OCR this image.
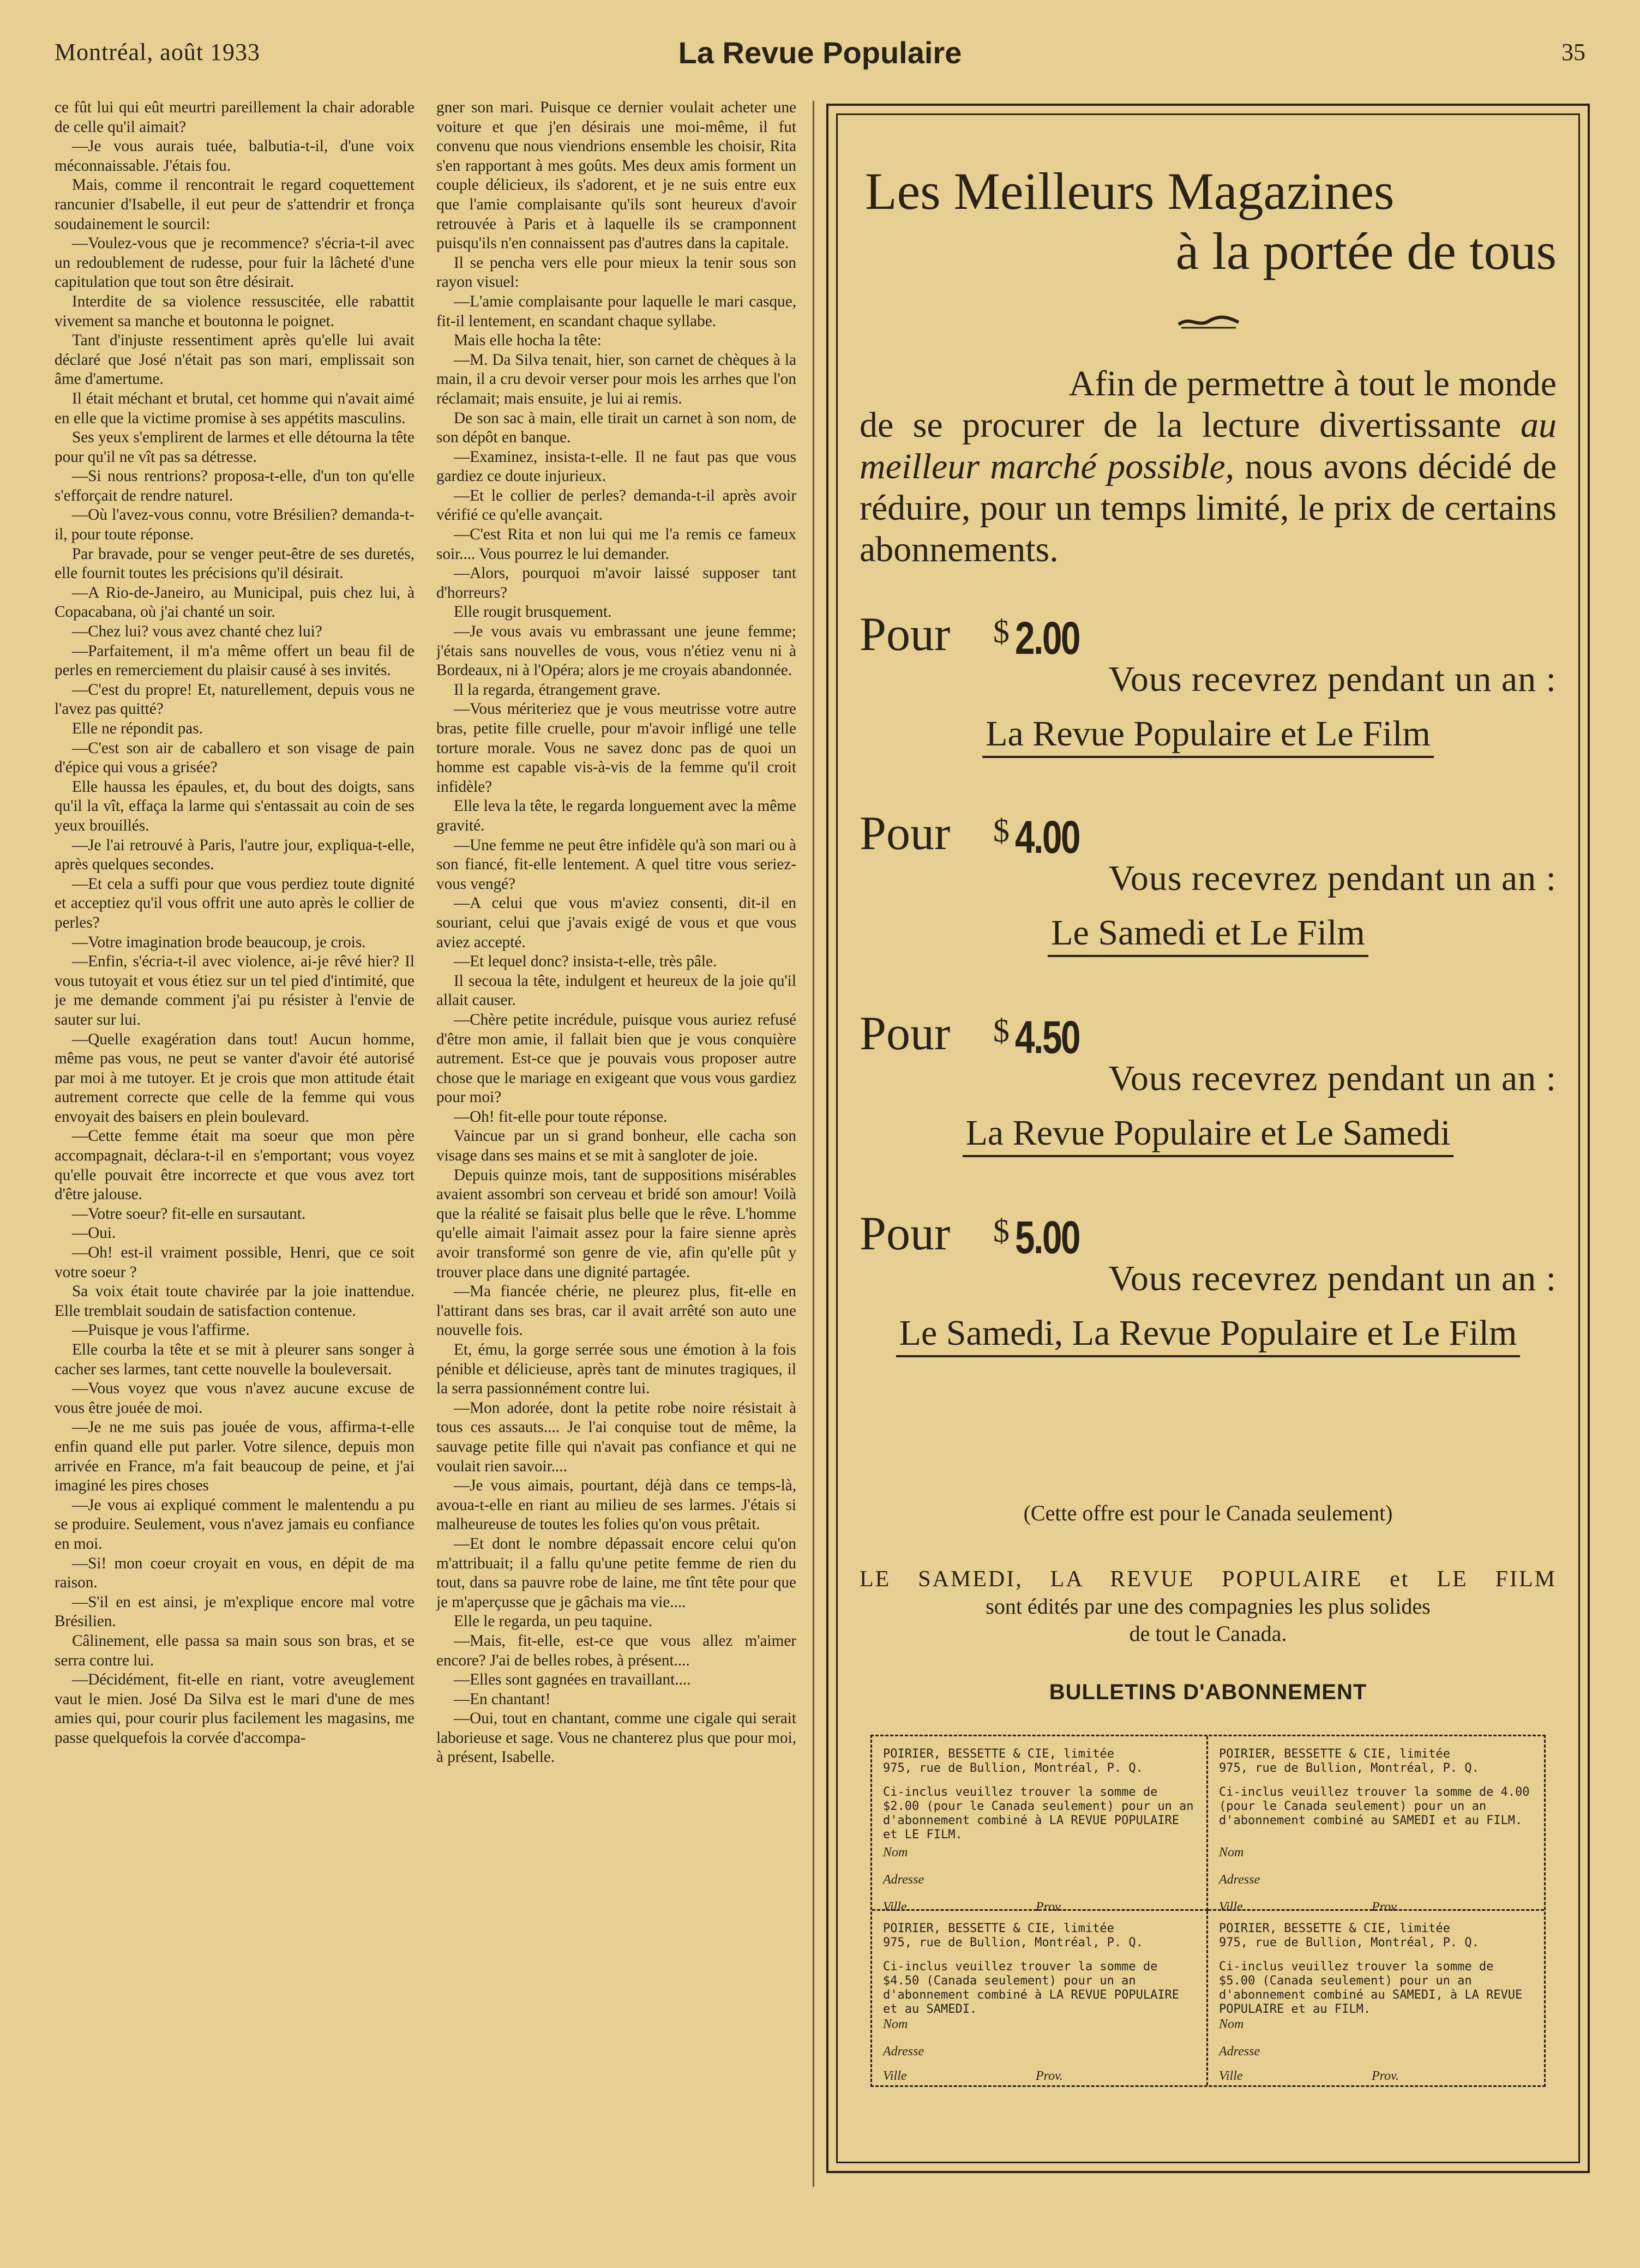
Montréal, août 1933	La Revue Populaire	35

ce fût lui qui eût meurtri pareillement la chair adorable de celle qu'il aimait?

—Je vous aurais tuée, balbutia-t-il, d'une voix méconnaissable. J'étais fou.

Mais, comme il rencontrait le regard coquettement rancunier d'Isabelle, il eut peur de s'attendrir et fronça soudainement le sourcil:

—Voulez-vous que je recommence? s'écria-t-il avec un redoublement de rudesse, pour fuir la lâcheté d'une capitulation que tout son être désirait.

Interdite de sa violence ressuscitée, elle rabattit vivement sa manche et boutonna le poignet.

Tant d'injuste ressentiment après qu'elle lui avait déclaré que José n'était pas son mari, emplissait son âme d'amertume.

Il était méchant et brutal, cet homme qui n'avait aimé en elle que la victime promise à ses appétits masculins.

Ses yeux s'emplirent de larmes et elle détourna la tête pour qu'il ne vît pas sa détresse.

—Si nous rentrions? proposa-t-elle, d'un ton qu'elle s'efforçait de rendre naturel.

—Où l'avez-vous connu, votre Brésilien? demanda-t-il, pour toute réponse.

Par bravade, pour se venger peut-être de ses duretés, elle fournit toutes les précisions qu'il désirait.

—A Rio-de-Janeiro, au Municipal, puis chez lui, à Copacabana, où j'ai chanté un soir.

—Chez lui? vous avez chanté chez lui?

—Parfaitement, il m'a même offert un beau fil de perles en remerciement du plaisir causé à ses invités.

—C'est du propre! Et, naturellement, depuis vous ne l'avez pas quitté?

Elle ne répondit pas.

—C'est son air de caballero et son visage de pain d'épice qui vous a grisée?

Elle haussa les épaules, et, du bout des doigts, sans qu'il la vît, effaça la larme qui s'entassait au coin de ses yeux brouillés.

—Je l'ai retrouvé à Paris, l'autre jour, expliqua-t-elle, après quelques secondes.

—Et cela a suffi pour que vous perdiez toute dignité et acceptiez qu'il vous offrit une auto après le collier de perles?

—Votre imagination brode beaucoup, je crois.

—Enfin, s'écria-t-il avec violence, ai-je rêvé hier? Il vous tutoyait et vous étiez sur un tel pied d'intimité, que je me demande comment j'ai pu résister à l'envie de sauter sur lui.

—Quelle exagération dans tout! Aucun homme, même pas vous, ne peut se vanter d'avoir été autorisé par moi à me tutoyer. Et je crois que mon attitude était autrement correcte que celle de la femme qui vous envoyait des baisers en plein boulevard.

—Cette femme était ma soeur que mon père accompagnait, déclara-t-il en s'emportant; vous voyez qu'elle pouvait être incorrecte et que vous avez tort d'être jalouse.

—Votre soeur? fit-elle en sursautant.

—Oui.

—Oh! est-il vraiment possible, Henri, que ce soit votre soeur ?

Sa voix était toute chavirée par la joie inattendue. Elle tremblait soudain de satisfaction contenue.

—Puisque je vous l'affirme.

Elle courba la tête et se mit à pleurer sans songer à cacher ses larmes, tant cette nouvelle la bouleversait.

—Vous voyez que vous n'avez aucune excuse de vous être jouée de moi.

—Je ne me suis pas jouée de vous, affirma-t-elle enfin quand elle put parler. Votre silence, depuis mon arrivée en France, m'a fait beaucoup de peine, et j'ai imaginé les pires choses

—Je vous ai expliqué comment le malentendu a pu se produire. Seulement, vous n'avez jamais eu confiance en moi.

—Si! mon coeur croyait en vous, en dépit de ma raison.

—S'il en est ainsi, je m'explique encore mal votre Brésilien.

Câlinement, elle passa sa main sous son bras, et se serra contre lui.

—Décidément, fit-elle en riant, votre aveuglement vaut le mien. José Da Silva est le mari d'une de mes amies qui, pour courir plus facilement les magasins, me passe quelquefois la corvée d'accompa-

gner son mari. Puisque ce dernier voulait acheter une voiture et que j'en désirais une moi-même, il fut convenu que nous viendrions ensemble les choisir, Rita s'en rapportant à mes goûts. Mes deux amis forment un couple délicieux, ils s'adorent, et je ne suis entre eux que l'amie complaisante qu'ils sont heureux d'avoir retrouvée à Paris et à laquelle ils se cramponnent puisqu'ils n'en connaissent pas d'autres dans la capitale.

Il se pencha vers elle pour mieux la tenir sous son rayon visuel:

—L'amie complaisante pour laquelle le mari casque, fit-il lentement, en scandant chaque syllabe.

Mais elle hocha la tête:

—M. Da Silva tenait, hier, son carnet de chèques à la main, il a cru devoir verser pour mois les arrhes que l'on réclamait; mais ensuite, je lui ai remis.

De son sac à main, elle tirait un carnet à son nom, de son dépôt en banque.

—Examinez, insista-t-elle. Il ne faut pas que vous gardiez ce doute injurieux.

—Et le collier de perles? demanda-t-il après avoir vérifié ce qu'elle avançait.

—C'est Rita et non lui qui me l'a remis ce fameux soir.... Vous pourrez le lui demander.

—Alors, pourquoi m'avoir laissé supposer tant d'horreurs?

Elle rougit brusquement.

—Je vous avais vu embrassant une jeune femme; j'étais sans nouvelles de vous, vous n'étiez venu ni à Bordeaux, ni à l'Opéra; alors je me croyais abandonnée.

Il la regarda, étrangement grave.

—Vous mériteriez que je vous meutrisse votre autre bras, petite fille cruelle, pour m'avoir infligé une telle torture morale. Vous ne savez donc pas de quoi un homme est capable vis-à-vis de la femme qu'il croit infidèle?

Elle leva la tête, le regarda longuement avec la même gravité.

—Une femme ne peut être infidèle qu'à son mari ou à son fiancé, fit-elle lentement. A quel titre vous seriez-vous vengé?

—A celui que vous m'aviez consenti, dit-il en souriant, celui que j'avais exigé de vous et que vous aviez accepté.

—Et lequel donc? insista-t-elle, très pâle.

Il secoua la tête, indulgent et heureux de la joie qu'il allait causer.

—Chère petite incrédule, puisque vous auriez refusé d'être mon amie, il fallait bien que je vous conquière autrement. Est-ce que je pouvais vous proposer autre chose que le mariage en exigeant que vous vous gardiez pour moi?

—Oh! fit-elle pour toute réponse.

Vaincue par un si grand bonheur, elle cacha son visage dans ses mains et se mit à sangloter de joie.

Depuis quinze mois, tant de suppositions misérables avaient assombri son cerveau et bridé son amour! Voilà que la réalité se faisait plus belle que le rêve. L'homme qu'elle aimait l'aimait assez pour la faire sienne après avoir transformé son genre de vie, afin qu'elle pût y trouver place dans une dignité partagée.

—Ma fiancée chérie, ne pleurez plus, fit-elle en l'attirant dans ses bras, car il avait arrêté son auto une nouvelle fois.

Et, ému, la gorge serrée sous une émotion à la fois pénible et délicieuse, après tant de minutes tragiques, il la serra passionnément contre lui.

—Mon adorée, dont la petite robe noire résistait à tous ces assauts.... Je l'ai conquise tout de même, la sauvage petite fille qui n'avait pas confiance et qui ne voulait rien savoir....

—Je vous aimais, pourtant, déjà dans ce temps-là, avoua-t-elle en riant au milieu de ses larmes. J'étais si malheureuse de toutes les folies qu'on vous prêtait.

—Et dont le nombre dépassait encore celui qu'on m'attribuait; il a fallu qu'une petite femme de rien du tout, dans sa pauvre robe de laine, me tînt tête pour que je m'aperçusse que je gâchais ma vie....

Elle le regarda, un peu taquine.

—Mais, fit-elle, est-ce que vous allez m'aimer encore? J'ai de belles robes, à présent....

—Elles sont gagnées en travaillant....

—En chantant!

—Oui, tout en chantant, comme une cigale qui serait laborieuse et sage. Vous ne chanterez plus que pour moi, à présent, Isabelle.

Les Meilleurs Magazines
à la portée de tous
Afin de permettre à tout le monde
de se procurer de la lecture divertissante au meilleur marché possible, nous avons décidé de réduire, pour un temps limité, le prix de certains abonnements.
Pour $ 2.00
Vous recevrez pendant un an :
La Revue Populaire et Le Film
Pour $ 4.00
Vous recevrez pendant un an :
Le Samedi et Le Film
Pour $ 4.50
Vous recevrez pendant un an :
La Revue Populaire et Le Samedi
Pour $ 5.00
Vous recevrez pendant un an :
Le Samedi, La Revue Populaire et Le Film
(Cette offre est pour le Canada seulement)
LE SAMEDI, LA REVUE POPULAIRE et LE FILM
sont édités par une des compagnies les plus solides
de tout le Canada.
BULLETINS D'ABONNEMENT
POIRIER, BESSETTE & CIE, limitée
975, rue de Bullion, Montréal, P. Q.
Ci-inclus veuillez trouver la somme de $2.00 (pour le Canada seulement) pour un an d'abonnement combiné à LA REVUE POPULAIRE et LE FILM.
Nom
Adresse
Ville	Prov.
POIRIER, BESSETTE & CIE, limitée
975, rue de Bullion, Montréal, P. Q.
Ci-inclus veuillez trouver la somme de 4.00 (pour le Canada seulement) pour un an d'abonnement combiné au SAMEDI et au FILM.
Nom
Adresse
Ville	Prov.
POIRIER, BESSETTE & CIE, limitée
975, rue de Bullion, Montréal, P. Q.
Ci-inclus veuillez trouver la somme de $4.50 (Canada seulement) pour un an d'abonnement combiné à LA REVUE POPULAIRE et au SAMEDI.
Nom
Adresse
Ville	Prov.
POIRIER, BESSETTE & CIE, limitée
975, rue de Bullion, Montréal, P. Q.
Ci-inclus veuillez trouver la somme de $5.00 (Canada seulement) pour un an d'abonnement combiné au SAMEDI, à LA REVUE POPULAIRE et au FILM.
Nom
Adresse
Ville	Prov.
